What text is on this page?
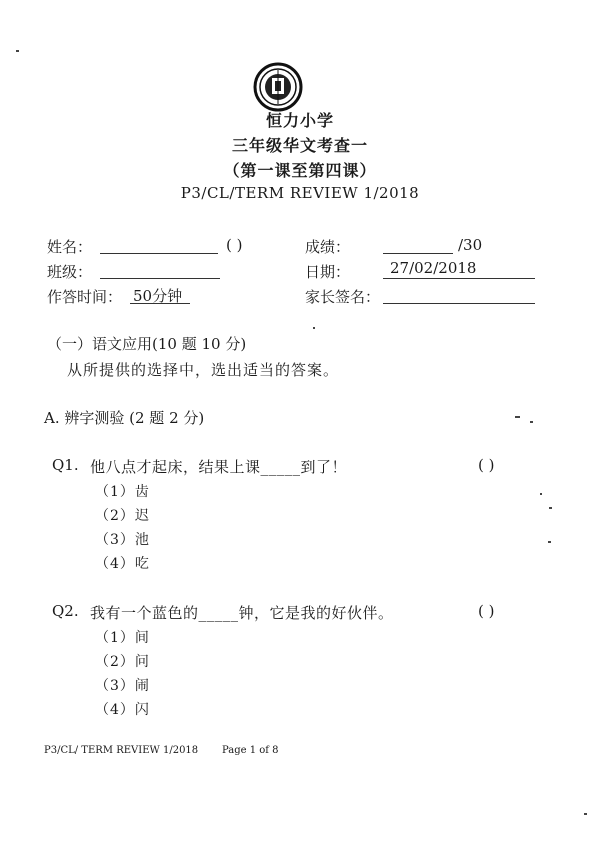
恒力小学
三年级华文考查一
（第一课至第四课）
P3/CL/TERM REVIEW 1/2018
姓名：	( )	成绩：	/30
班级：	日期：	27/02/2018
作答时间： 50分钟	家长签名：
（一）语文应用(10 题 10 分)
从所提供的选择中，选出适当的答案。
A. 辨字测验 (2 题 2 分)
Q1. 他八点才起床，结果上课_____到了！	( )
（1）齿
（2）迟
（3）池
（4）吃
Q2. 我有一个蓝色的_____钟，它是我的好伙伴。	( )
（1）间
（2）问
（3）闹
（4）闪
P3/CL/ TERM REVIEW 1/2018 Page 1 of 8
